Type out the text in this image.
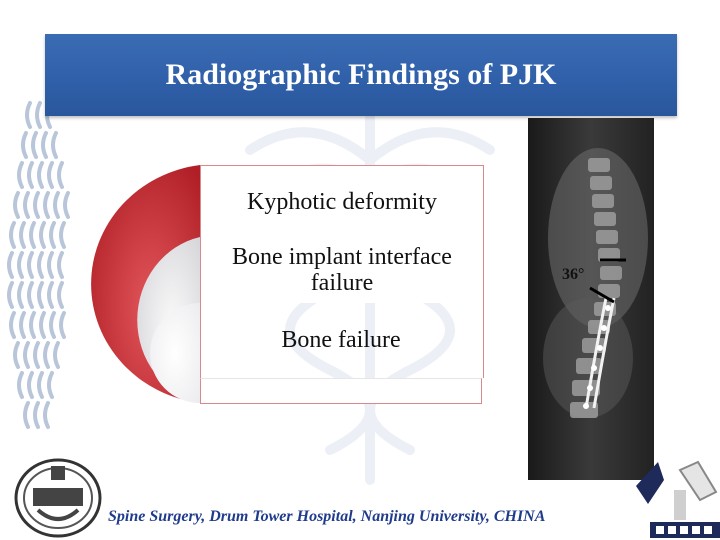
Radiographic Findings of PJK
Kyphotic deformity
Bone implant interface failure
Bone failure
36°
Spine Surgery, Drum Tower Hospital, Nanjing University, CHINA
